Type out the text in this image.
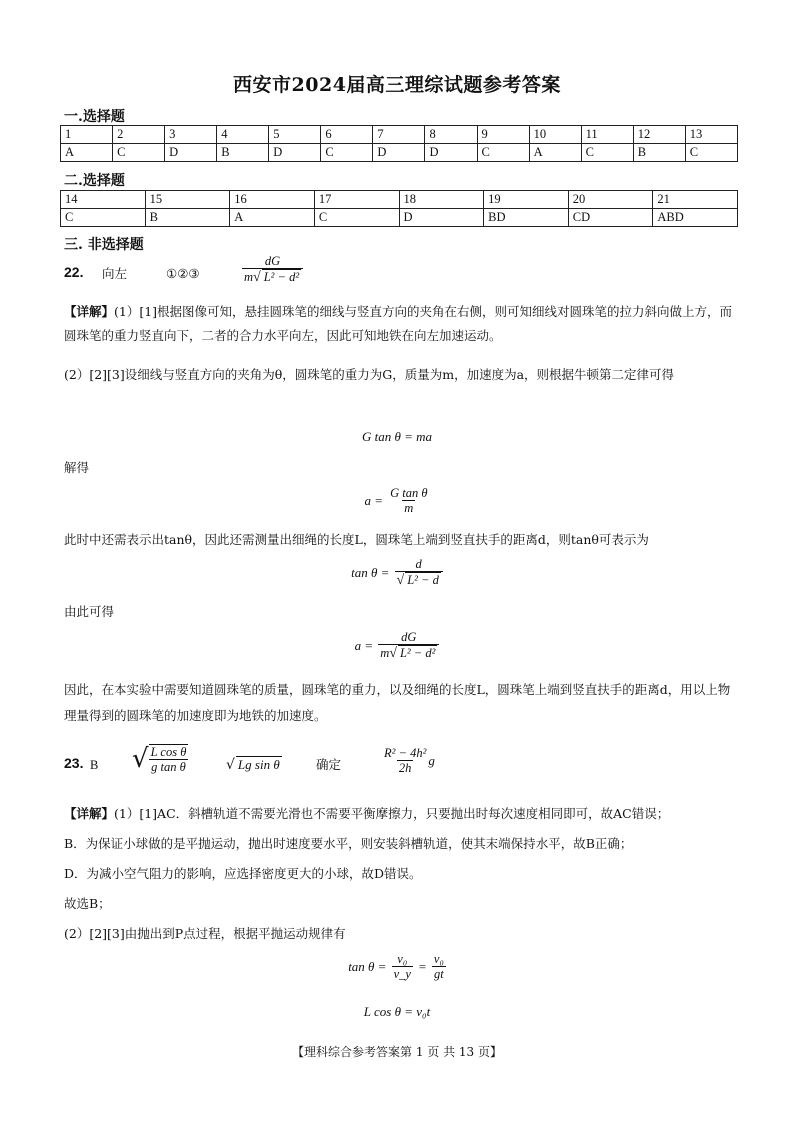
西安市2024届高三理综试题参考答案
一.选择题
1	2	3	4	5	6	7	8	9	10	11	12	13
A	C	D	B	D	C	D	D	C	A	C	B	C
二.选择题
14	15	16	17	18	19	20	21
C	B	A	C	D	BD	CD	ABD
三. 非选择题
22. 向左	①②③	$\frac{dG}{\text{m√ L² − d²}}$
【详解】(1）[1]根据图像可知，悬挂圆珠笔的细线与竖直方向的夹角在右侧，则可知细线对圆珠笔的拉力斜向做上方，而圆珠笔的重力竖直向下，二者的合力水平向左，因此可知地铁在向左加速运动。
(2）[2][3]设细线与竖直方向的夹角为θ，圆珠笔的重力为G，质量为m，加速度为a，则根据牛顿第二定律可得
G tan θ = ma
解得
$a = \frac{\text{G tan θ}}{m}$
此时中还需表示出tanθ，因此还需测量出细绳的长度L，圆珠笔上端到竖直扶手的距离d，则tanθ可表示为
$\tan \theta = \frac{d}{\text{√ L² − d}}$
由此可得
$a = \frac{dG}{\text{m√ L² − d²}}$
因此，在本实验中需要知道圆珠笔的质量，圆珠笔的重力，以及细绳的长度L，圆珠笔上端到竖直扶手的距离d，用以上物理量得到的圆珠笔的加速度即为地铁的加速度。
23. B √ $\frac{\text{L cos θ}}{\text{g tan θ}}$	√ Lg sin θ	确定	$\frac{\text{R² − 4h²}}{2h}$ g
【详解】(1）[1]AC．斜槽轨道不需要光滑也不需要平衡摩擦力，只要抛出时每次速度相同即可，故AC错误；
B．为保证小球做的是平抛运动，抛出时速度要水平，则安装斜槽轨道，使其末端保持水平，故B正确；
D．为减小空气阻力的影响，应选择密度更大的小球，故D错误。
故选B；
(2）[2][3]由抛出到P点过程，根据平抛运动规律有
$\tan \theta = \frac{\text{v₀}}{v\_y} = \frac{\text{v₀}}{gt}$
L cos θ = v₀t
【理科综合参考答案第 1 页 共 13 页】
